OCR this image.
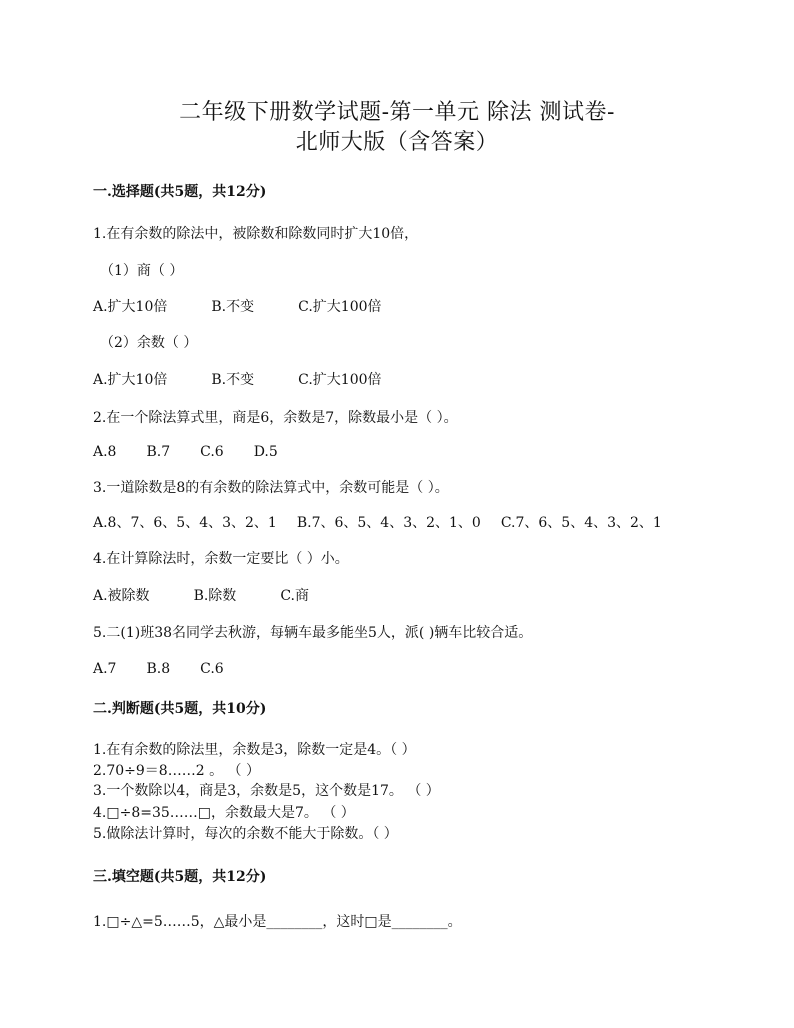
二年级下册数学试题-第一单元 除法 测试卷-
北师大版（含答案）
一.选择题(共5题，共12分)
1.在有余数的除法中，被除数和除数同时扩大10倍，
（1）商（ ）
A.扩大10倍	B.不变	C.扩大100倍
（2）余数（ ）
A.扩大10倍	B.不变	C.扩大100倍
2.在一个除法算式里，商是6，余数是7，除数最小是（ ）。
A.8 B.7 C.6 D.5
3.一道除数是8的有余数的除法算式中，余数可能是（ ）。
A.8、7、6、5、4、3、2、1 B.7、6、5、4、3、2、1、0 C.7、6、5、4、3、2、1
4.在计算除法时，余数一定要比（ ）小。
A.被除数	B.除数	C.商
5.二(1)班38名同学去秋游，每辆车最多能坐5人，派( )辆车比较合适。
A.7 B.8 C.6
二.判断题(共5题，共10分)
1.在有余数的除法里，余数是3，除数一定是4。（ ）
2.70÷9＝8……2 。 （ ）
3.一个数除以4，商是3，余数是5，这个数是17。 （ ）
4.□÷8=35……□，余数最大是7。 （ ）
5.做除法计算时，每次的余数不能大于除数。（ ）
三.填空题(共5题，共12分)
1.□÷△=5……5，△最小是________，这时□是________。
